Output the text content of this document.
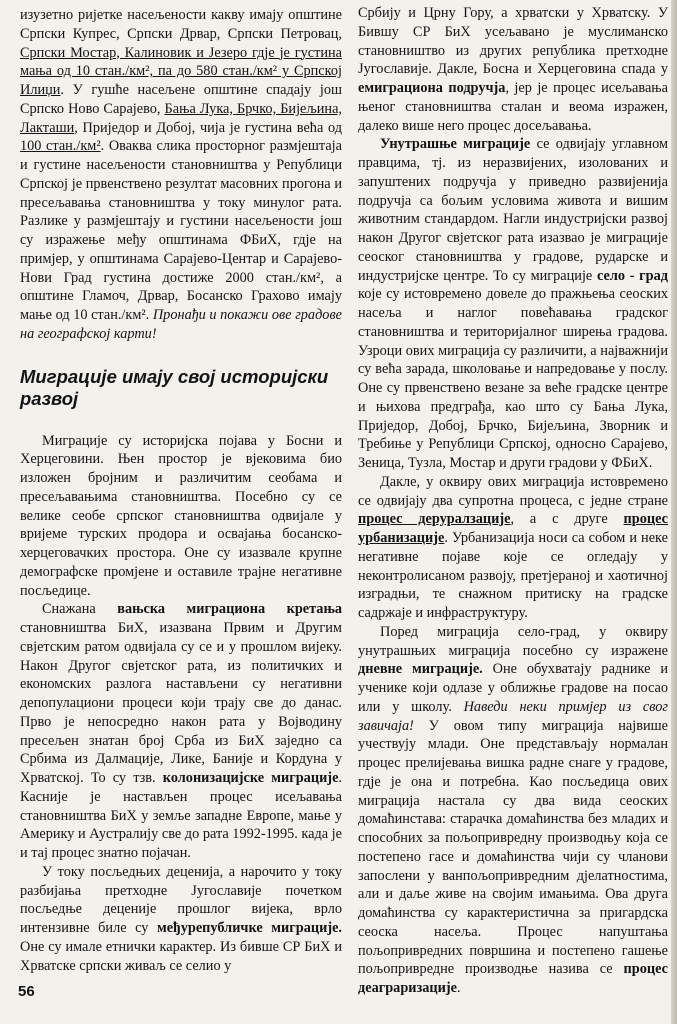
изузетно ријетке насељености какву имају општине Српски Купрес, Српски Дрвар, Српски Петровац, Српски Мостар, Калиновик и Језеро гдје је густина мања од 10 стан./км², па до 580 стан./км² у Српској Илиџи. У гушће насељене општине спадају још Српско Ново Сарајево, Бања Лука, Брчко, Бијељина, Лакташи, Приједор и Добој, чија је густина већа од 100 стан./км². Оваква слика просторног размјештаја и густине насељености становништва у Републици Српској је првенствено резултат масовних прогона и пресељавања становништва у току минулог рата. Разлике у размјештају и густини насељености још су изражење међу општинама ФБиХ, гдје на примјер, у општинама Сарајево-Центар и Сарајево-Нови Град густина достиже 2000 стан./км², а општине Гламоч, Дрвар, Босанско Грахово имају мање од 10 стан./км². Пронађи и покажи ове градове на географској карти!

Миграције имају свој историјски развој

Миграције су историјска појава у Босни и Херцеговини. Њен простор је вјековима био изложен бројним и различитим сеобама и пресељавањима становништва. Посебно су се велике сеобе српског становништва одвијале у вријеме турских продора и освајања босанско-херцеговачких простора. Оне су изазвале крупне демографске промјене и оставиле трајне негативне посљедице.

Снажана вањска миграциона кретања становништва БиХ, изазвана Првим и Другим свјетским ратом одвијала су се и у прошлом вијеку. Након Другог свјетског рата, из политичких и економских разлога настављени су негативни депопулациони процеси који трају све до данас. Прво је непосредно након рата у Војводину пресељен знатан број Срба из БиХ заједно са Србима из Далмације, Лике, Баније и Кордуна у Хрватској. То су тзв. колонизацијске миграције. Касније је настављен процес исељавања становништва БиХ у земље западне Европе, мање у Америку и Аустралију све до рата 1992-1995. када је и тај процес знатно појачан.

У току посљедњих деценија, а нарочито у току разбијања претходне Југославије почетком посљедње деценије прошлог вијека, врло интензивне биле су међурепубличке миграције. Оне су имале етнички карактер. Из бивше СР БиХ и Хрватске српски живаљ се селио у

Србију и Црну Гору, а хрватски у Хрватску. У Бившу СР БиХ усељавано је муслиманско становништво из других република претходне Југославије. Дакле, Босна и Херцеговина спада у емиграциона подручја, јер је процес исељавања њеног становништва сталан и веома изражен, далеко више него процес досељавања.

Унутрашње миграције се одвијају углавном правцима, тј. из неразвијених, изолованих и запуштених подручја у приведно развијенија подручја са бољим условима живота и вишим животним стандардом. Нагли индустријски развој након Другог свјетског рата изазвао је миграције сеоског становништва у градове, рударске и индустријске центре. То су миграције село - град које су истовремено довеле до пражњења сеоских насеља и наглог повећавања градског становништва и територијалног ширења градова. Узроци ових миграција су различити, а најважнији су већа зарада, школовање и напредовање у послу. Оне су првенствено везане за веће градске центре и њихова предграђа, као што су Бања Лука, Приједор, Добој, Брчко, Бијељина, Зворник и Требиње у Републици Српској, односно Сарајево, Зеница, Тузла, Мостар и други градови у ФБиХ.

Дакле, у оквиру ових миграција истовремено се одвијају два супротна процеса, с једне стране процес деруралзације, а с друге процес урбанизације. Урбанизација носи са собом и неке негативне појаве које се огледају у неконтролисаном развоју, претјераној и хаотичној изградњи, те снажном притиску на градске садржаје и инфраструктуру.

Поред миграција село-град, у оквиру унутрашњих миграција посебно су изражене дневне миграције. Оне обухватају раднике и ученике који одлазе у оближње градове на посао или у школу. Наведи неки примјер из свог завичаја! У овом типу миграција највише учествују млади. Оне представљају нормалан процес прелијевања вишка радне снаге у градове, гдје је она и потребна. Као посљедица ових миграција настала су два вида сеоских домаћинстава: старачка домаћинства без младих и способних за пољопривредну производњу која се постепено гасе и домаћинства чији су чланови запослени у ванпољопривредним дјелатностима, али и даље живе на својим имањима. Ова друга домаћинства су карактеристична за пригардска сеоска насеља. Процес напуштања пољопривредних површина и постепено гашење пољопривредне производње назива се процес деаграризације.

56
